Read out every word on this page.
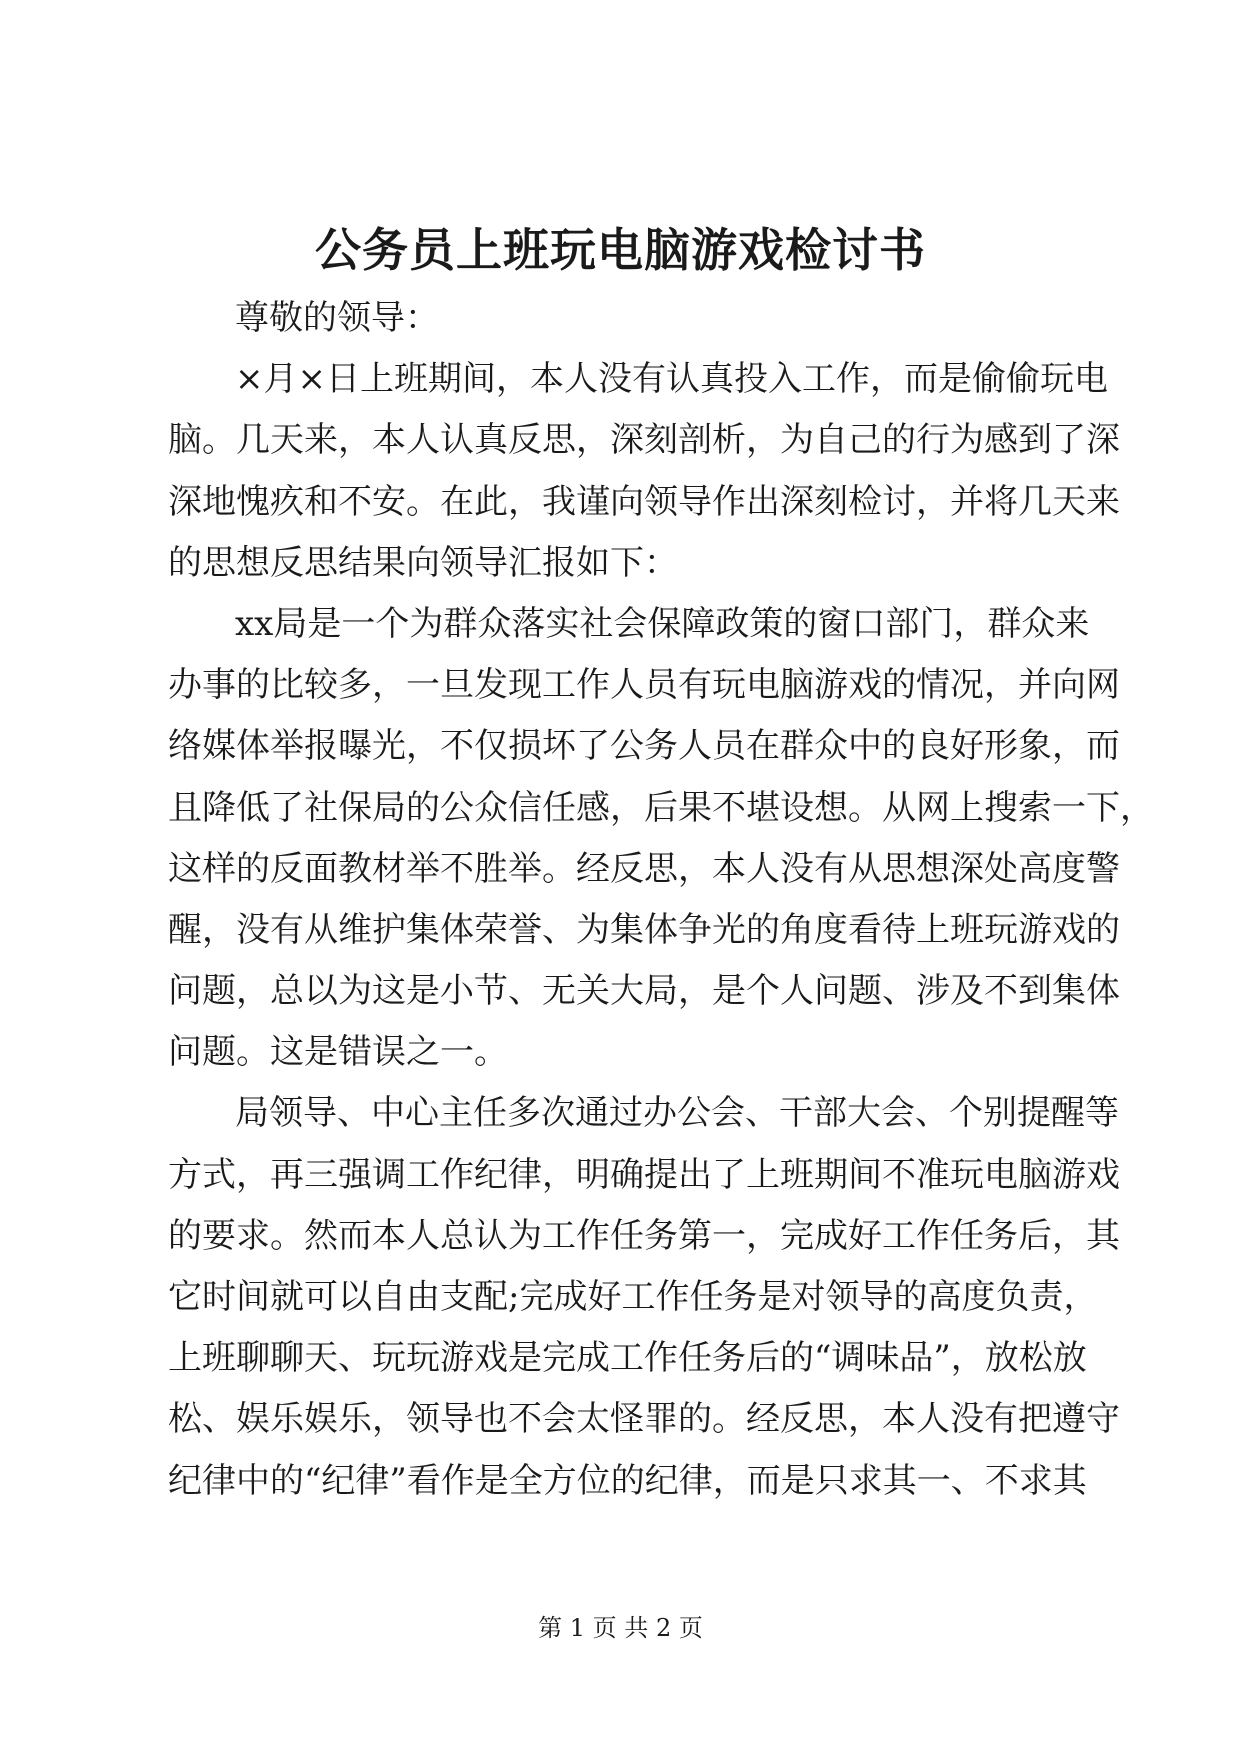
公务员上班玩电脑游戏检讨书
尊敬的领导：
×月×日上班期间，本人没有认真投入工作，而是偷偷玩电
脑。几天来，本人认真反思，深刻剖析，为自己的行为感到了深
深地愧疚和不安。在此，我谨向领导作出深刻检讨，并将几天来
的思想反思结果向领导汇报如下：
xx局是一个为群众落实社会保障政策的窗口部门，群众来
办事的比较多，一旦发现工作人员有玩电脑游戏的情况，并向网
络媒体举报曝光，不仅损坏了公务人员在群众中的良好形象，而
且降低了社保局的公众信任感，后果不堪设想。从网上搜索一下，
这样的反面教材举不胜举。经反思，本人没有从思想深处高度警
醒，没有从维护集体荣誉、为集体争光的角度看待上班玩游戏的
问题，总以为这是小节、无关大局，是个人问题、涉及不到集体
问题。这是错误之一。
局领导、中心主任多次通过办公会、干部大会、个别提醒等
方式，再三强调工作纪律，明确提出了上班期间不准玩电脑游戏
的要求。然而本人总认为工作任务第一，完成好工作任务后，其
它时间就可以自由支配;完成好工作任务是对领导的高度负责，
上班聊聊天、玩玩游戏是完成工作任务后的“调味品”，放松放
松、娱乐娱乐，领导也不会太怪罪的。经反思，本人没有把遵守
纪律中的“纪律”看作是全方位的纪律，而是只求其一、不求其
第 1 页 共 2 页
